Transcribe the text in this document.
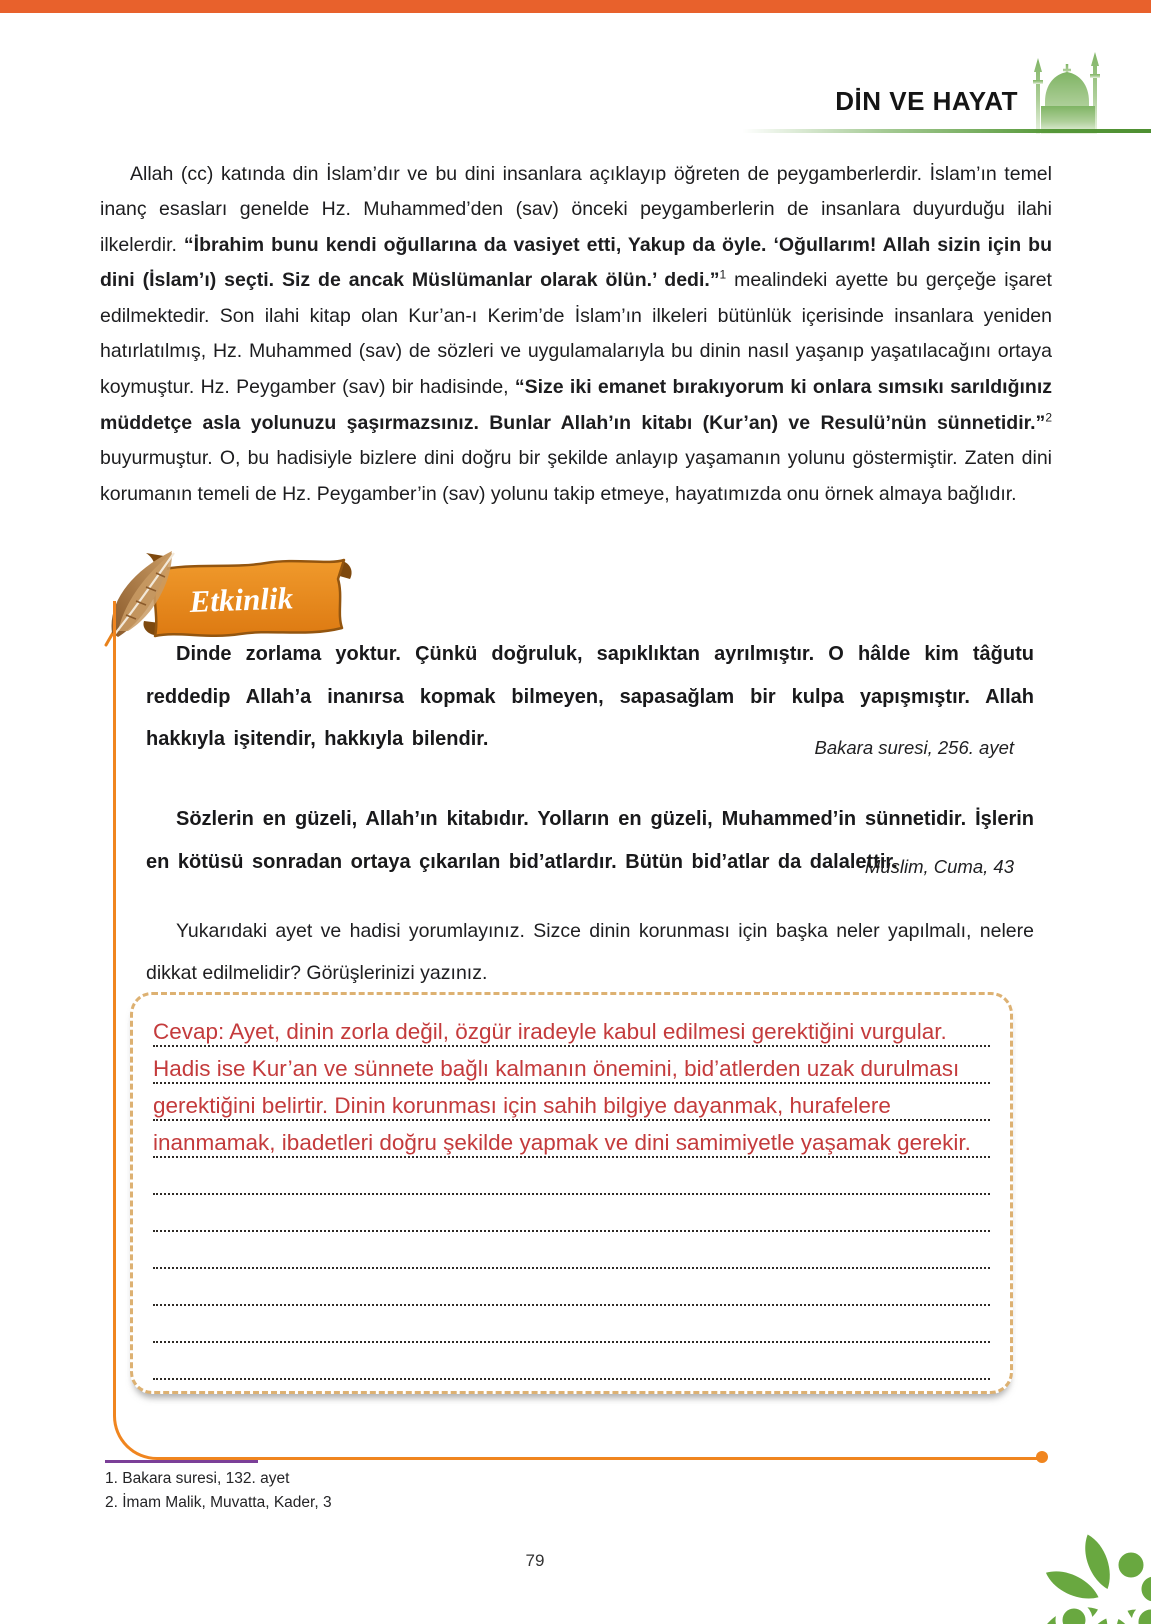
DİN VE HAYAT

Allah (cc) katında din İslam’dır ve bu dini insanlara açıklayıp öğreten de peygamberlerdir. İslam’ın temel inanç esasları genelde Hz. Muhammed’den (sav) önceki peygamberlerin de insanlara duyurduğu ilahi ilkelerdir. “İbrahim bunu kendi oğullarına da vasiyet etti, Yakup da öyle. ‘Oğullarım! Allah sizin için bu dini (İslam’ı) seçti. Siz de ancak Müslümanlar olarak ölün.’ dedi.”$^1$ mealindeki ayette bu gerçeğe işaret edilmektedir. Son ilahi kitap olan Kur’an-ı Kerim’de İslam’ın ilkeleri bütünlük içerisinde insanlara yeniden hatırlatılmış, Hz. Muhammed (sav) de sözleri ve uygulamalarıyla bu dinin nasıl yaşanıp yaşatılacağını ortaya koymuştur. Hz. Peygamber (sav) bir hadisinde, “Size iki emanet bırakıyorum ki onlara sımsıkı sarıldığınız müddetçe asla yolunuzu şaşırmazsınız. Bunlar Allah’ın kitabı (Kur’an) ve Resulü’nün sünnetidir.”$^2$ buyurmuştur. O, bu hadisiyle bizlere dini doğru bir şekilde anlayıp yaşamanın yolunu göstermiştir. Zaten dini korumanın temeli de Hz. Peygamber’in (sav) yolunu takip etmeye, hayatımızda onu örnek almaya bağlıdır.

Etkinlik

Dinde zorlama yoktur. Çünkü doğruluk, sapıklıktan ayrılmıştır. O hâlde kim tâğutu reddedip Allah’a inanırsa kopmak bilmeyen, sapasağlam bir kulpa yapışmıştır. Allah hakkıyla işitendir, hakkıyla bilendir.	Bakara suresi, 256. ayet

Sözlerin en güzeli, Allah’ın kitabıdır. Yolların en güzeli, Muhammed’in sünnetidir. İşlerin en kötüsü sonradan ortaya çıkarılan bid’atlardır. Bütün bid’atlar da dalalettir.

Müslim, Cuma, 43

Yukarıdaki ayet ve hadisi yorumlayınız. Sizce dinin korunması için başka neler yapılmalı, nelere dikkat edilmelidir? Görüşlerinizi yazınız.

Cevap: Ayet, dinin zorla değil, özgür iradeyle kabul edilmesi gerektiğini vurgular.
Hadis ise Kur’an ve sünnete bağlı kalmanın önemini, bid’atlerden uzak durulması
gerektiğini belirtir. Dinin korunması için sahih bilgiye dayanmak, hurafelere
inanmamak, ibadetleri doğru şekilde yapmak ve dini samimiyetle yaşamak gerekir.
1. Bakara suresi, 132. ayet
2. İmam Malik, Muvatta, Kader, 3
79
